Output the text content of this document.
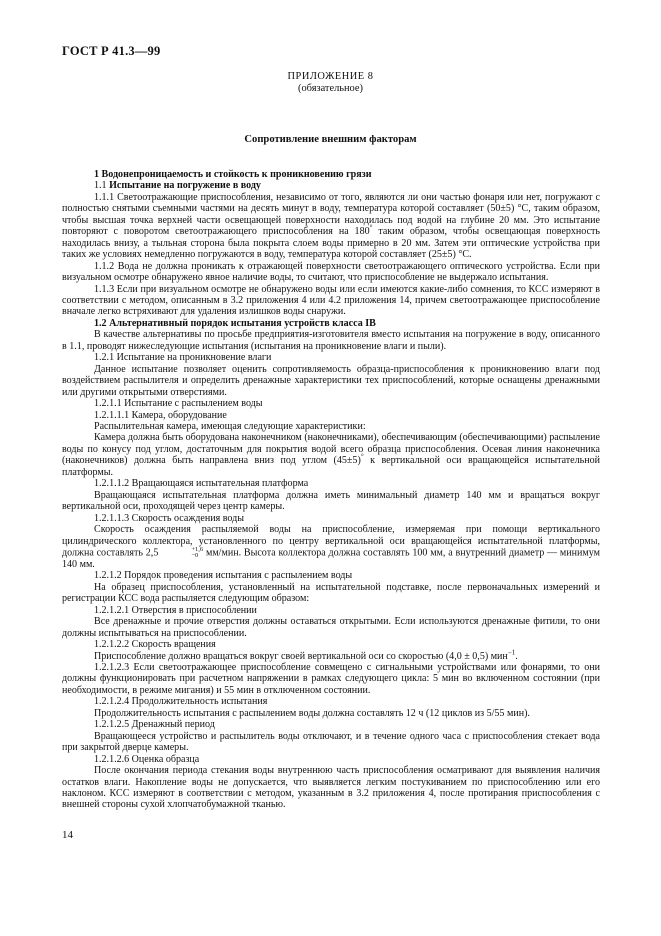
ГОСТ Р 41.3—99
ПРИЛОЖЕНИЕ 8
(обязательное)
Сопротивление внешним факторам

1 Водонепроницаемость и стойкость к проникновению грязи

1.1 Испытание на погружение в воду

1.1.1 Светоотражающие приспособления, независимо от того, являются ли они частью фонаря или нет, погружают с полностью снятыми съемными частями на десять минут в воду, температура которой составляет (50±5) °C, таким образом, чтобы высшая точка верхней части освещающей поверхности находилась под водой на глубине 20 мм. Это испытание повторяют с поворотом светоотражающего приспособления на 180° таким образом, чтобы освещающая поверхность находилась внизу, а тыльная сторона была покрыта слоем воды примерно в 20 мм. Затем эти оптические устройства при таких же условиях немедленно погружаются в воду, температура которой составляет (25±5) °C.

1.1.2 Вода не должна проникать к отражающей поверхности светоотражающего оптического устройства. Если при визуальном осмотре обнаружено явное наличие воды, то считают, что приспособление не выдержало испытания.

1.1.3 Если при визуальном осмотре не обнаружено воды или если имеются какие-либо сомнения, то КСС измеряют в соответствии с методом, описанным в 3.2 приложения 4 или 4.2 приложения 14, причем светоотражающее приспособление вначале легко встряхивают для удаления излишков воды снаружи.

1.2 Альтернативный порядок испытания устройств класса IB

В качестве альтернативы по просьбе предприятия-изготовителя вместо испытания на погружение в воду, описанного в 1.1, проводят нижеследующие испытания (испытания на проникновение влаги и пыли).

1.2.1 Испытание на проникновение влаги

Данное испытание позволяет оценить сопротивляемость образца-приспособления к проникновению влаги под воздействием распылителя и определить дренажные характеристики тех приспособлений, которые оснащены дренажными или другими открытыми отверстиями.

1.2.1.1 Испытание с распылением воды

1.2.1.1.1 Камера, оборудование

Распылительная камера, имеющая следующие характеристики:

Камера должна быть оборудована наконечником (наконечниками), обеспечивающим (обеспечивающими) распыление воды по конусу под углом, достаточным для покрытия водой всего образца приспособления. Осевая линия наконечника (наконечников) должна быть направлена вниз под углом (45±5)° к вертикальной оси вращающейся испытательной платформы.

1.2.1.1.2 Вращающаяся испытательная платформа

Вращающаяся испытательная платформа должна иметь минимальный диаметр 140 мм и вращаться вокруг вертикальной оси, проходящей через центр камеры.

1.2.1.1.3 Скорость осаждения воды

Скорость осаждения распыляемой воды на приспособление, измеряемая при помощи вертикального цилиндрического коллектора, установленного по центру вертикальной оси вращающейся испытательной платформы, должна составлять 2,5	+1,6
−0 мм/мин. Высота коллектора должна составлять 100 мм, а внутренний диаметр — минимум 140 мм.

1.2.1.2 Порядок проведения испытания с распылением воды

На образец приспособления, установленный на испытательной подставке, после первоначальных измерений и регистрации КСС вода распыляется следующим образом:

1.2.1.2.1 Отверстия в приспособлении

Все дренажные и прочие отверстия должны оставаться открытыми. Если используются дренажные фитили, то они должны испытываться на приспособлении.

1.2.1.2.2 Скорость вращения

Приспособление должно вращаться вокруг своей вертикальной оси со скоростью (4,0 ± 0,5) мин$^{-1}$.

1.2.1.2.3 Если светоотражающее приспособление совмещено с сигнальными устройствами или фонарями, то они должны функционировать при расчетном напряжении в рамках следующего цикла: 5 мин во включенном состоянии (при необходимости, в режиме мигания) и 55 мин в отключенном состоянии.

1.2.1.2.4 Продолжительность испытания

Продолжительность испытания с распылением воды должна составлять 12 ч (12 циклов из 5/55 мин).

1.2.1.2.5 Дренажный период

Вращающееся устройство и распылитель воды отключают, и в течение одного часа с приспособления стекает вода при закрытой дверце камеры.

1.2.1.2.6 Оценка образца

После окончания периода стекания воды внутреннюю часть приспособления осматривают для выявления наличия остатков влаги. Накопление воды не допускается, что выявляется легким постукиванием по приспособлению или его наклоном. КСС измеряют в соответствии с методом, указанным в 3.2 приложения 4, после протирания приспособления с внешней стороны сухой хлопчатобумажной тканью.

14
